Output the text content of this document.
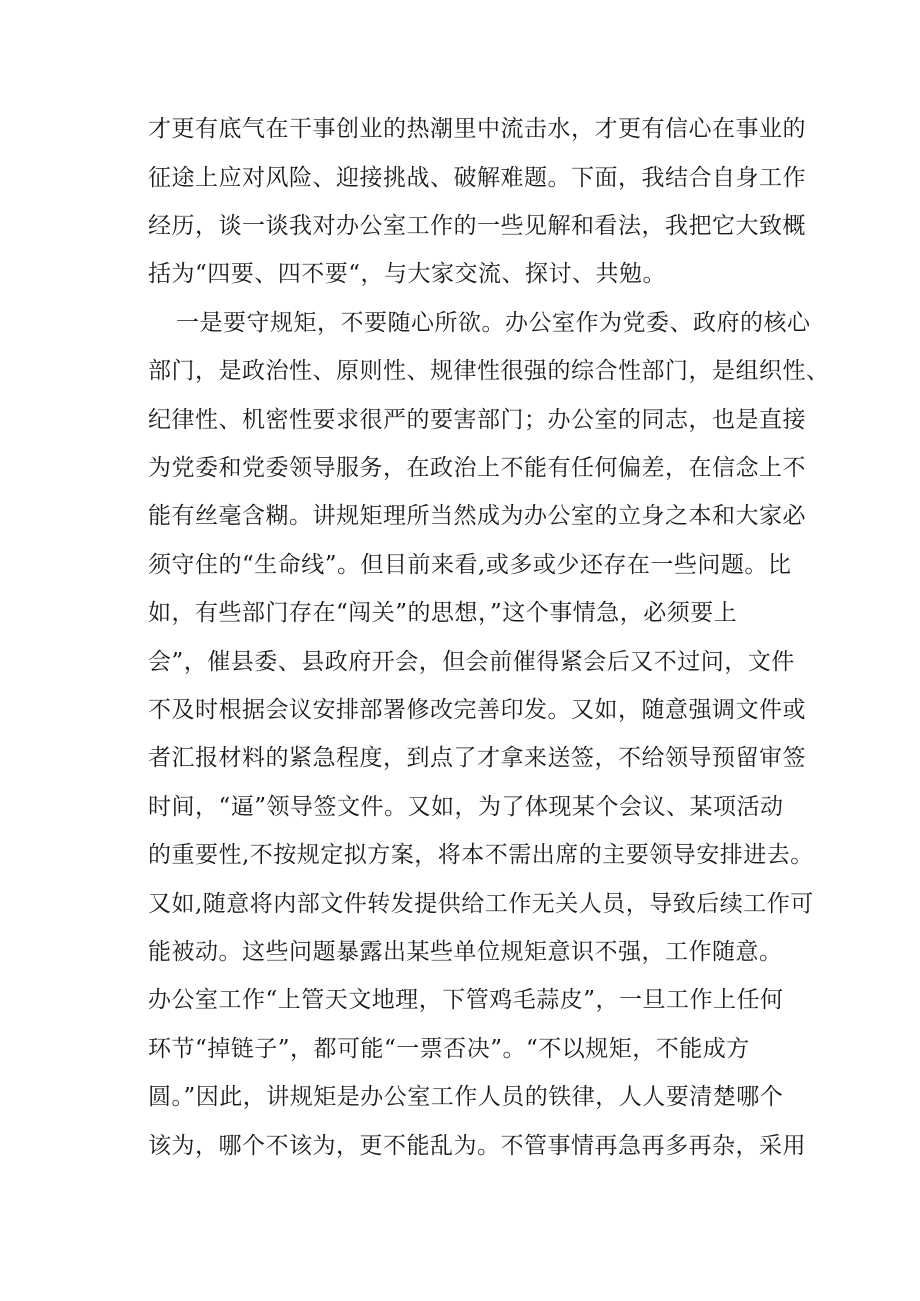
才更有底气在干事创业的热潮里中流击水，才更有信心在事业的
征途上应对风险、迎接挑战、破解难题。下面，我结合自身工作
经历，谈一谈我对办公室工作的一些见解和看法，我把它大致概
括为“四要、四不要“，与大家交流、探讨、共勉。
一是要守规矩，不要随心所欲。办公室作为党委、政府的核心
部门，是政治性、原则性、规律性很强的综合性部门，是组织性、
纪律性、机密性要求很严的要害部门；办公室的同志，也是直接
为党委和党委领导服务，在政治上不能有任何偏差，在信念上不
能有丝毫含糊。讲规矩理所当然成为办公室的立身之本和大家必
须守住的“生命线”。但目前来看,或多或少还存在一些问题。比
如，有些部门存在“闯关”的思想，”这个事情急，必须要上
会”，催县委、县政府开会，但会前催得紧会后又不过问，文件
不及时根据会议安排部署修改完善印发。又如，随意强调文件或
者汇报材料的紧急程度，到点了才拿来送签，不给领导预留审签
时间，“逼”领导签文件。又如，为了体现某个会议、某项活动
的重要性,不按规定拟方案，将本不需出席的主要领导安排进去。
又如,随意将内部文件转发提供给工作无关人员，导致后续工作可
能被动。这些问题暴露出某些单位规矩意识不强，工作随意。
办公室工作“上管天文地理，下管鸡毛蒜皮”，一旦工作上任何
环节“掉链子”，都可能“一票否决”。“不以规矩，不能成方
圆。”因此，讲规矩是办公室工作人员的铁律，人人要清楚哪个
该为，哪个不该为，更不能乱为。不管事情再急再多再杂，采用
